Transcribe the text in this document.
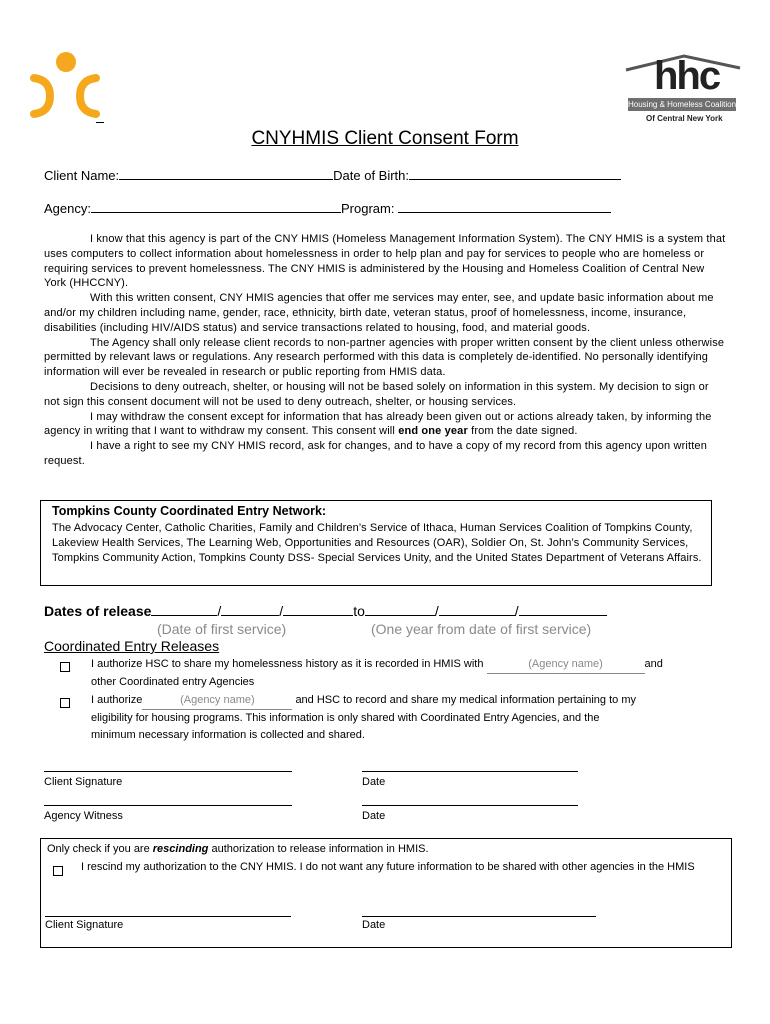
hhc
Housing & Homeless Coalition
Of Central New York
CNYHMIS Client Consent Form
Client Name:	Date of Birth:
Agency:	Program:

I know that this agency is part of the CNY HMIS (Homeless Management Information System). The CNY HMIS is a system that uses computers to collect information about homelessness in order to help plan and pay for services to people who are homeless or requiring services to prevent homelessness. The CNY HMIS is administered by the Housing and Homeless Coalition of Central New York (HHCCNY).

With this written consent, CNY HMIS agencies that offer me services may enter, see, and update basic information about me and/or my children including name, gender, race, ethnicity, birth date, veteran status, proof of homelessness, income, insurance, disabilities (including HIV/AIDS status) and service transactions related to housing, food, and material goods.

The Agency shall only release client records to non-partner agencies with proper written consent by the client unless otherwise permitted by relevant laws or regulations. Any research performed with this data is completely de-identified. No personally identifying information will ever be revealed in research or public reporting from HMIS data.

Decisions to deny outreach, shelter, or housing will not be based solely on information in this system. My decision to sign or not sign this consent document will not be used to deny outreach, shelter, or housing services.

I may withdraw the consent except for information that has already been given out or actions already taken, by informing the agency in writing that I want to withdraw my consent. This consent will end one year from the date signed.

I have a right to see my CNY HMIS record, ask for changes, and to have a copy of my record from this agency upon written request.

Tompkins County Coordinated Entry Network:
The Advocacy Center, Catholic Charities, Family and Children’s Service of Ithaca, Human Services Coalition of Tompkins County, Lakeview Health Services, The Learning Web, Opportunities and Resources (OAR), Soldier On, St. John’s Community Services, Tompkins Community Action, Tompkins County DSS- Special Services Unity, and the United States Department of Veterans Affairs.
Dates of release	/	/	to	/	/
(Date of first service)	(One year from date of first service)
Coordinated Entry Releases
I authorize HSC to share my homelessness history as it is recorded in HMIS with	(Agency name)	and
other Coordinated entry Agencies
I authorize	(Agency name)	and HSC to record and share my medical information pertaining to my
eligibility for housing programs. This information is only shared with Coordinated Entry Agencies, and the
minimum necessary information is collected and shared.
Client Signature	Date
Agency Witness	Date
Only check if you are rescinding authorization to release information in HMIS.
I rescind my authorization to the CNY HMIS. I do not want any future information to be shared with other agencies in the HMIS
Client Signature	Date
